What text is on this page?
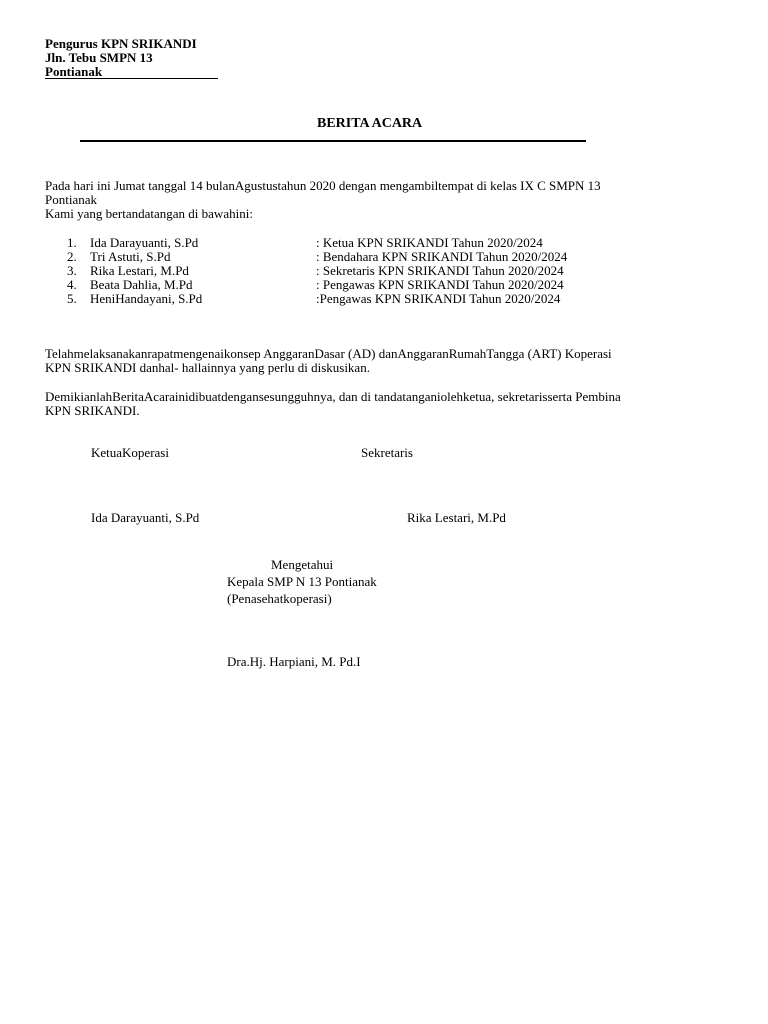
Pengurus KPN SRIKANDI
Jln. Tebu SMPN 13
Pontianak
BERITA ACARA
Pada hari ini Jumat tanggal 14 bulanAgustustahun 2020 dengan mengambiltempat di kelas IX C SMPN 13
Pontianak
Kami yang bertandatangan di bawahini:
1. Ida Darayuanti, S.Pd	: Ketua KPN SRIKANDI Tahun 2020/2024
2. Tri Astuti, S.Pd	: Bendahara KPN SRIKANDI Tahun 2020/2024
3. Rika Lestari, M.Pd	: Sekretaris KPN SRIKANDI Tahun 2020/2024
4. Beata Dahlia, M.Pd	: Pengawas KPN SRIKANDI Tahun 2020/2024
5. HeniHandayani, S.Pd	:Pengawas KPN SRIKANDI Tahun 2020/2024
Telahmelaksanakanrapatmengenaikonsep AnggaranDasar (AD) danAnggaranRumahTangga (ART) Koperasi
KPN SRIKANDI danhal- hallainnya yang perlu di diskusikan.
DemikianlahBeritaAcarainidibuatdengansesungguhnya, dan di tandatanganiolehketua, sekretarisserta Pembina
KPN SRIKANDI.
KetuaKoperasi	Sekretaris
Ida Darayuanti, S.Pd	Rika Lestari, M.Pd
Mengetahui
Kepala SMP N 13 Pontianak
(Penasehatkoperasi)
Dra.Hj. Harpiani, M. Pd.I
